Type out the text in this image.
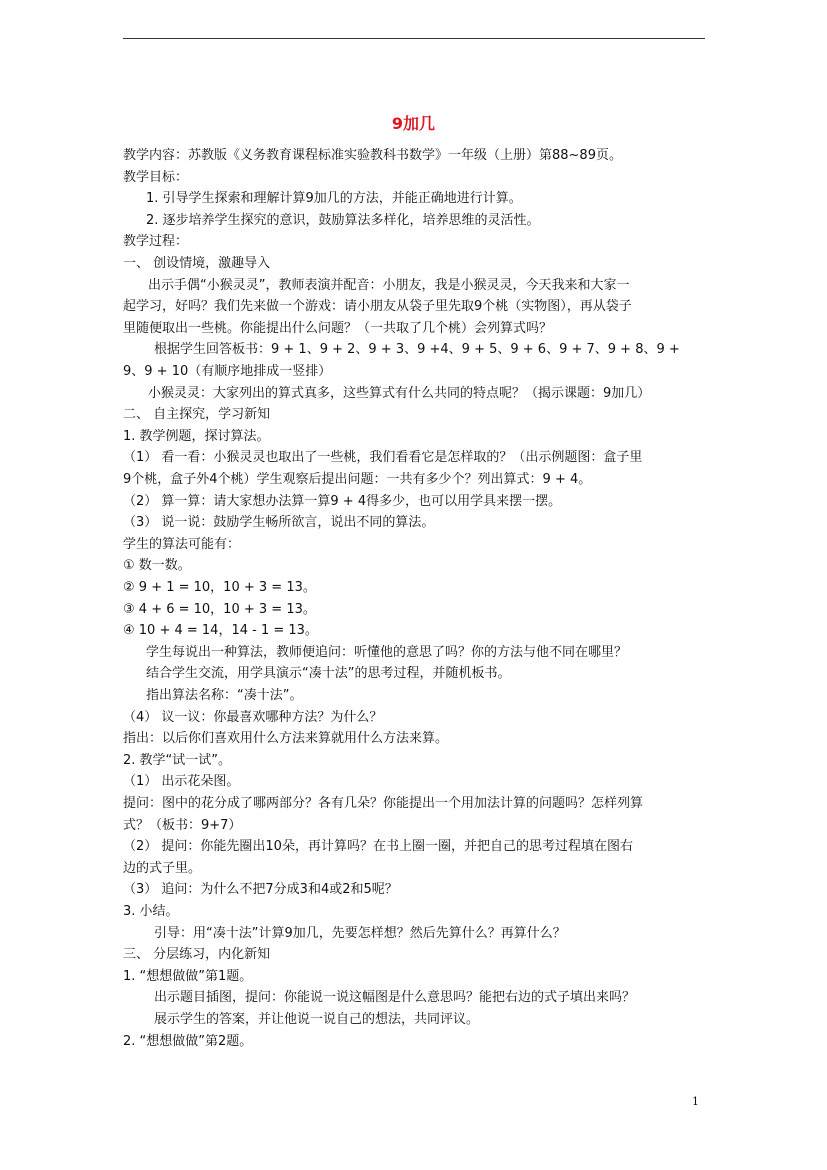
9加几
教学内容：苏教版《义务教育课程标准实验教科书数学》一年级（上册）第88~89页。
教学目标：
1. 引导学生探索和理解计算9加几的方法，并能正确地进行计算。
2. 逐步培养学生探究的意识，鼓励算法多样化，培养思维的灵活性。
教学过程：
一、 创设情境，激趣导入
出示手偶“小猴灵灵”，教师表演并配音：小朋友，我是小猴灵灵，今天我来和大家一
起学习，好吗？我们先来做一个游戏：请小朋友从袋子里先取9个桃（实物图），再从袋子
里随便取出一些桃。你能提出什么问题？（一共取了几个桃）会列算式吗？
根据学生回答板书：9 + 1、9 + 2、9 + 3、9 +4、9 + 5、9 + 6、9 + 7、9 + 8、9 +
9、9 + 10（有顺序地排成一竖排）
小猴灵灵：大家列出的算式真多，这些算式有什么共同的特点呢？（揭示课题：9加几）
二、 自主探究，学习新知
1. 教学例题，探讨算法。
（1） 看一看：小猴灵灵也取出了一些桃，我们看看它是怎样取的？（出示例题图：盒子里
9个桃，盒子外4个桃）学生观察后提出问题：一共有多少个？列出算式：9 + 4。
（2） 算一算：请大家想办法算一算9 + 4得多少，也可以用学具来摆一摆。
（3） 说一说：鼓励学生畅所欲言，说出不同的算法。
学生的算法可能有：
① 数一数。
② 9 + 1 = 10，10 + 3 = 13。
③ 4 + 6 = 10，10 + 3 = 13。
④ 10 + 4 = 14，14 - 1 = 13。
学生每说出一种算法，教师便追问：听懂他的意思了吗？你的方法与他不同在哪里？
结合学生交流，用学具演示“凑十法”的思考过程，并随机板书。
指出算法名称：“凑十法”。
（4） 议一议：你最喜欢哪种方法？为什么？
指出：以后你们喜欢用什么方法来算就用什么方法来算。
2. 教学“试一试”。
（1） 出示花朵图。
提问：图中的花分成了哪两部分？各有几朵？你能提出一个用加法计算的问题吗？怎样列算
式？（板书：9+7）
（2） 提问：你能先圈出10朵，再计算吗？在书上圈一圈，并把自己的思考过程填在图右
边的式子里。
（3） 追问：为什么不把7分成3和4或2和5呢？
3. 小结。
引导：用“凑十法”计算9加几，先要怎样想？然后先算什么？再算什么？
三、 分层练习，内化新知
1. “想想做做”第1题。
出示题目插图，提问：你能说一说这幅图是什么意思吗？能把右边的式子填出来吗？
展示学生的答案，并让他说一说自己的想法，共同评议。
2. “想想做做”第2题。
1
